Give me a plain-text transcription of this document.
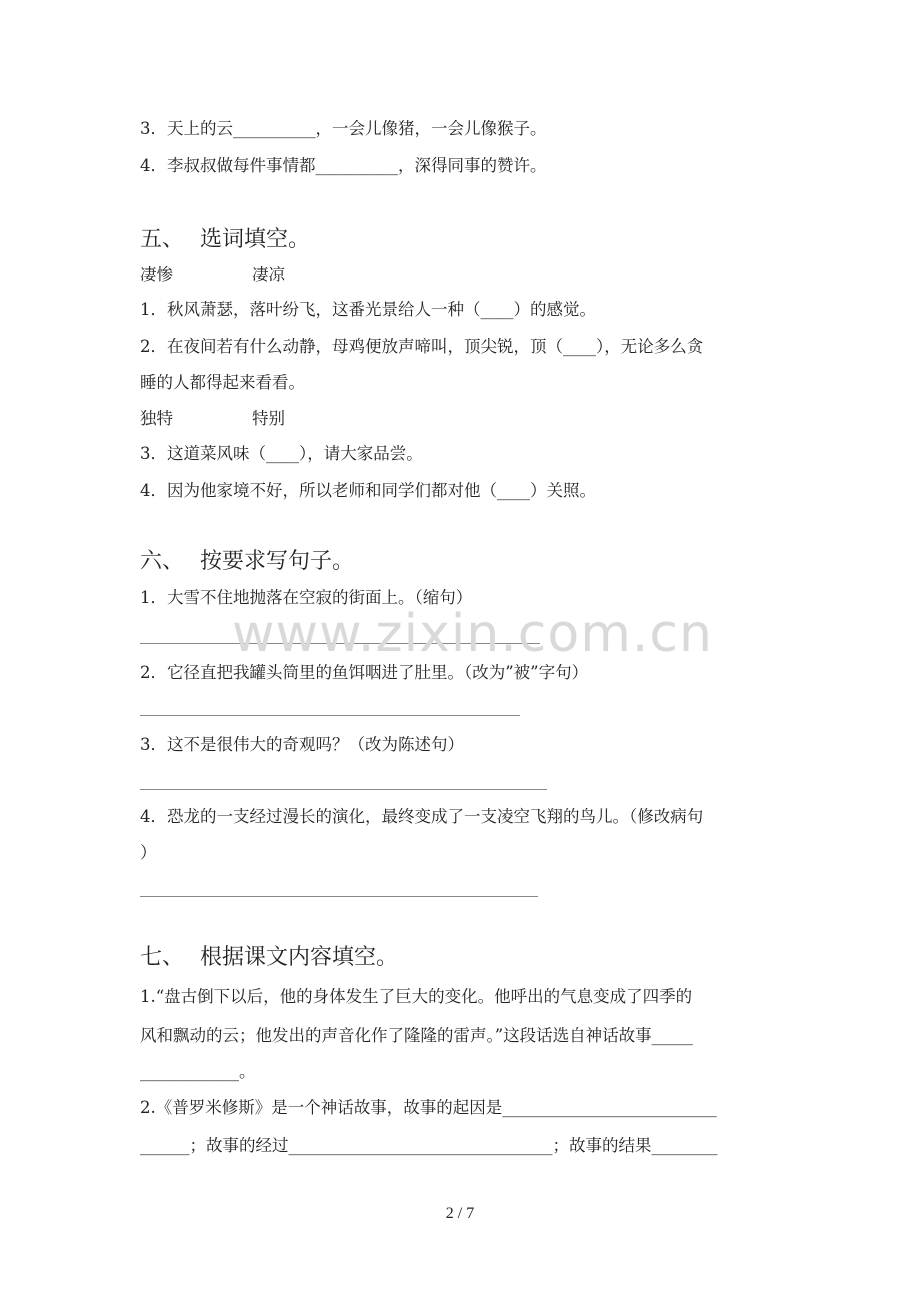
3．天上的云__________，一会儿像猪，一会儿像猴子。
4．李叔叔做每件事情都__________，深得同事的赞许。
五、 选词填空。
凄惨	凄凉
1．秋风萧瑟，落叶纷飞，这番光景给人一种（____）的感觉。
2．在夜间若有什么动静，母鸡便放声啼叫，顶尖锐，顶（____），无论多么贪
睡的人都得起来看看。
独特	特别
3．这道菜风味（____），请大家品尝。
4．因为他家境不好，所以老师和同学们都对他（____）关照。
六、 按要求写句子。
1．大雪不住地抛落在空寂的街面上。（缩句）
2．它径直把我罐头筒里的鱼饵咽进了肚里。（改为”被”字句）
3．这不是很伟大的奇观吗？（改为陈述句）
4．恐龙的一支经过漫长的演化，最终变成了一支凌空飞翔的鸟儿。（修改病句
）
七、 根据课文内容填空。
1.“盘古倒下以后，他的身体发生了巨大的变化。他呼出的气息变成了四季的
风和飘动的云；他发出的声音化作了隆隆的雷声。”这段话选自神话故事_____
____________。
2.《普罗米修斯》是一个神话故事，故事的起因是__________________________
______；故事的经过________________________________；故事的结果________
www.zixin.com.cn
2 / 7
